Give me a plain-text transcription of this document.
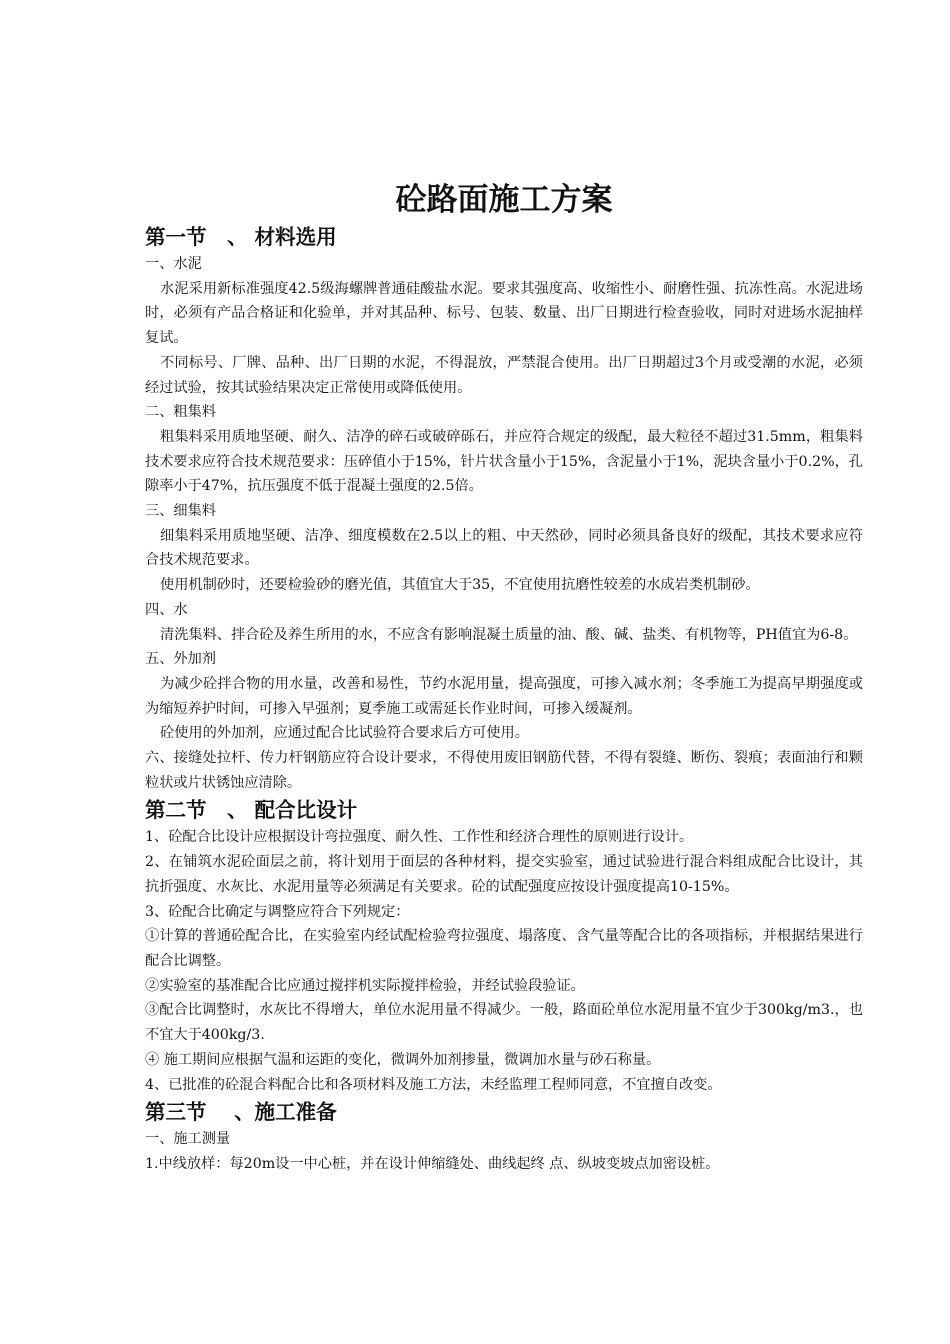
砼路面施工方案
第一节　、 材料选用
一、水泥
水泥采用新标准强度42.5级海螺牌普通硅酸盐水泥。要求其强度高、收缩性小、耐磨性强、抗冻性高。水泥进场时，必须有产品合格证和化验单，并对其品种、标号、包装、数量、出厂日期进行检查验收，同时对进场水泥抽样复试。
不同标号、厂牌、品种、出厂日期的水泥，不得混放，严禁混合使用。出厂日期超过3个月或受潮的水泥，必须经过试验，按其试验结果决定正常使用或降低使用。
二、粗集料
粗集料采用质地坚硬、耐久、洁净的碎石或破碎砾石，并应符合规定的级配，最大粒径不超过31.5mm，粗集料技术要求应符合技术规范要求：压碎值小于15%，针片状含量小于15%，含泥量小于1%，泥块含量小于0.2%，孔隙率小于47%，抗压强度不低于混凝土强度的2.5倍。
三、细集料
细集料采用质地坚硬、洁净、细度模数在2.5以上的粗、中天然砂，同时必须具备良好的级配，其技术要求应符合技术规范要求。
使用机制砂时，还要检验砂的磨光值，其值宜大于35，不宜使用抗磨性较差的水成岩类机制砂。
四、水
清洗集料、拌合砼及养生所用的水，不应含有影响混凝土质量的油、酸、碱、盐类、有机物等，PH值宜为6-8。
五、外加剂
为减少砼拌合物的用水量，改善和易性，节约水泥用量，提高强度，可掺入减水剂；冬季施工为提高早期强度或为缩短养护时间，可掺入早强剂；夏季施工或需延长作业时间，可掺入缓凝剂。
砼使用的外加剂，应通过配合比试验符合要求后方可使用。
六、接缝处拉杆、传力杆钢筋应符合设计要求，不得使用废旧钢筋代替，不得有裂缝、断伤、裂痕；表面油行和颗粒状或片状锈蚀应清除。
第二节　、 配合比设计
1、砼配合比设计应根据设计弯拉强度、耐久性、工作性和经济合理性的原则进行设计。
2、在铺筑水泥砼面层之前，将计划用于面层的各种材料，提交实验室，通过试验进行混合料组成配合比设计，其抗折强度、水灰比、水泥用量等必须满足有关要求。砼的试配强度应按设计强度提高10-15%。
3、砼配合比确定与调整应符合下列规定：
①计算的普通砼配合比，在实验室内经试配检验弯拉强度、塌落度、含气量等配合比的各项指标，并根据结果进行配合比调整。
②实验室的基准配合比应通过搅拌机实际搅拌检验，并经试验段验证。
③配合比调整时，水灰比不得增大，单位水泥用量不得减少。一般，路面砼单位水泥用量不宜少于300kg/m3.，也不宜大于400kg/3.
④ 施工期间应根据气温和运距的变化，微调外加剂掺量，微调加水量与砂石称量。
4、已批准的砼混合料配合比和各项材料及施工方法，未经监理工程师同意，不宜擅自改变。
第三节　 、施工准备
一、施工测量
1.中线放样：每20m设一中心桩，并在设计伸缩缝处、曲线起终 点、纵坡变坡点加密设桩。
